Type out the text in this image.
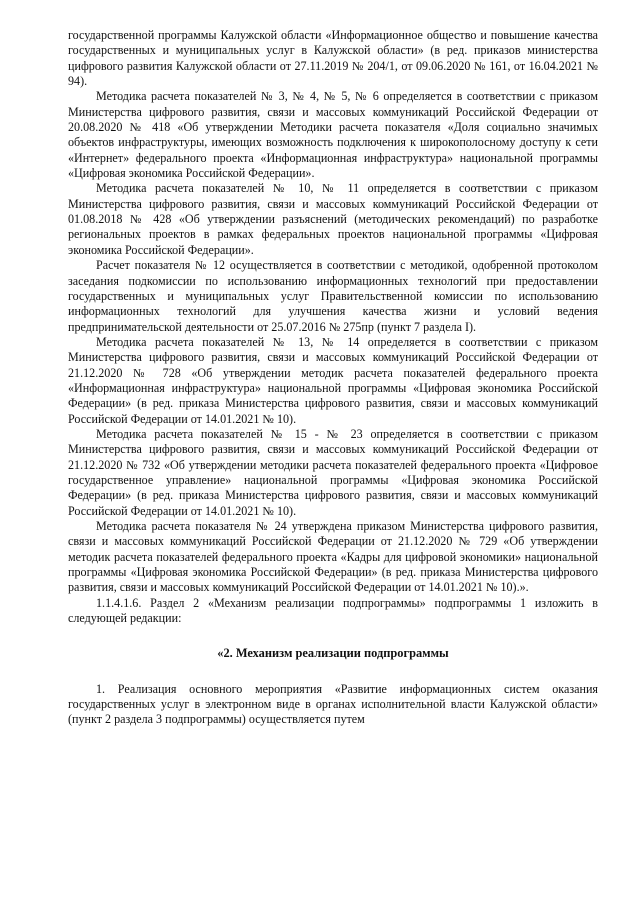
государственной программы Калужской области «Информационное общество и повышение качества государственных и муниципальных услуг в Калужской области» (в ред. приказов министерства цифрового развития Калужской области от 27.11.2019 № 204/1, от 09.06.2020 № 161, от 16.04.2021 № 94).

Методика расчета показателей № 3, № 4, № 5, № 6 определяется в соответствии с приказом Министерства цифрового развития, связи и массовых коммуникаций Российской Федерации от 20.08.2020 № 418 «Об утверждении Методики расчета показателя «Доля социально значимых объектов инфраструктуры, имеющих возможность подключения к широкополосному доступу к сети «Интернет» федерального проекта «Информационная инфраструктура» национальной программы «Цифровая экономика Российской Федерации».

Методика расчета показателей № 10, № 11 определяется в соответствии с приказом Министерства цифрового развития, связи и массовых коммуникаций Российской Федерации от 01.08.2018 № 428 «Об утверждении разъяснений (методических рекомендаций) по разработке региональных проектов в рамках федеральных проектов национальной программы «Цифровая экономика Российской Федерации».

Расчет показателя № 12 осуществляется в соответствии с методикой, одобренной протоколом заседания подкомиссии по использованию информационных технологий при предоставлении государственных и муниципальных услуг Правительственной комиссии по использованию информационных технологий для улучшения качества жизни и условий ведения предпринимательской деятельности от 25.07.2016 № 275пр (пункт 7 раздела I).

Методика расчета показателей № 13, № 14 определяется в соответствии с приказом Министерства цифрового развития, связи и массовых коммуникаций Российской Федерации от 21.12.2020 № 728 «Об утверждении методик расчета показателей федерального проекта «Информационная инфраструктура» национальной программы «Цифровая экономика Российской Федерации» (в ред. приказа Министерства цифрового развития, связи и массовых коммуникаций Российской Федерации от 14.01.2021 № 10).

Методика расчета показателей № 15 - № 23 определяется в соответствии с приказом Министерства цифрового развития, связи и массовых коммуникаций Российской Федерации от 21.12.2020 № 732 «Об утверждении методики расчета показателей федерального проекта «Цифровое государственное управление» национальной программы «Цифровая экономика Российской Федерации» (в ред. приказа Министерства цифрового развития, связи и массовых коммуникаций Российской Федерации от 14.01.2021 № 10).

Методика расчета показателя № 24 утверждена приказом Министерства цифрового развития, связи и массовых коммуникаций Российской Федерации от 21.12.2020 № 729 «Об утверждении методик расчета показателей федерального проекта «Кадры для цифровой экономики» национальной программы «Цифровая экономика Российской Федерации» (в ред. приказа Министерства цифрового развития, связи и массовых коммуникаций Российской Федерации от 14.01.2021 № 10).».

1.1.4.1.6. Раздел 2 «Механизм реализации подпрограммы» подпрограммы 1 изложить в следующей редакции:

«2. Механизм реализации подпрограммы

1. Реализация основного мероприятия «Развитие информационных систем оказания государственных услуг в электронном виде в органах исполнительной власти Калужской области» (пункт 2 раздела 3 подпрограммы) осуществляется путем
